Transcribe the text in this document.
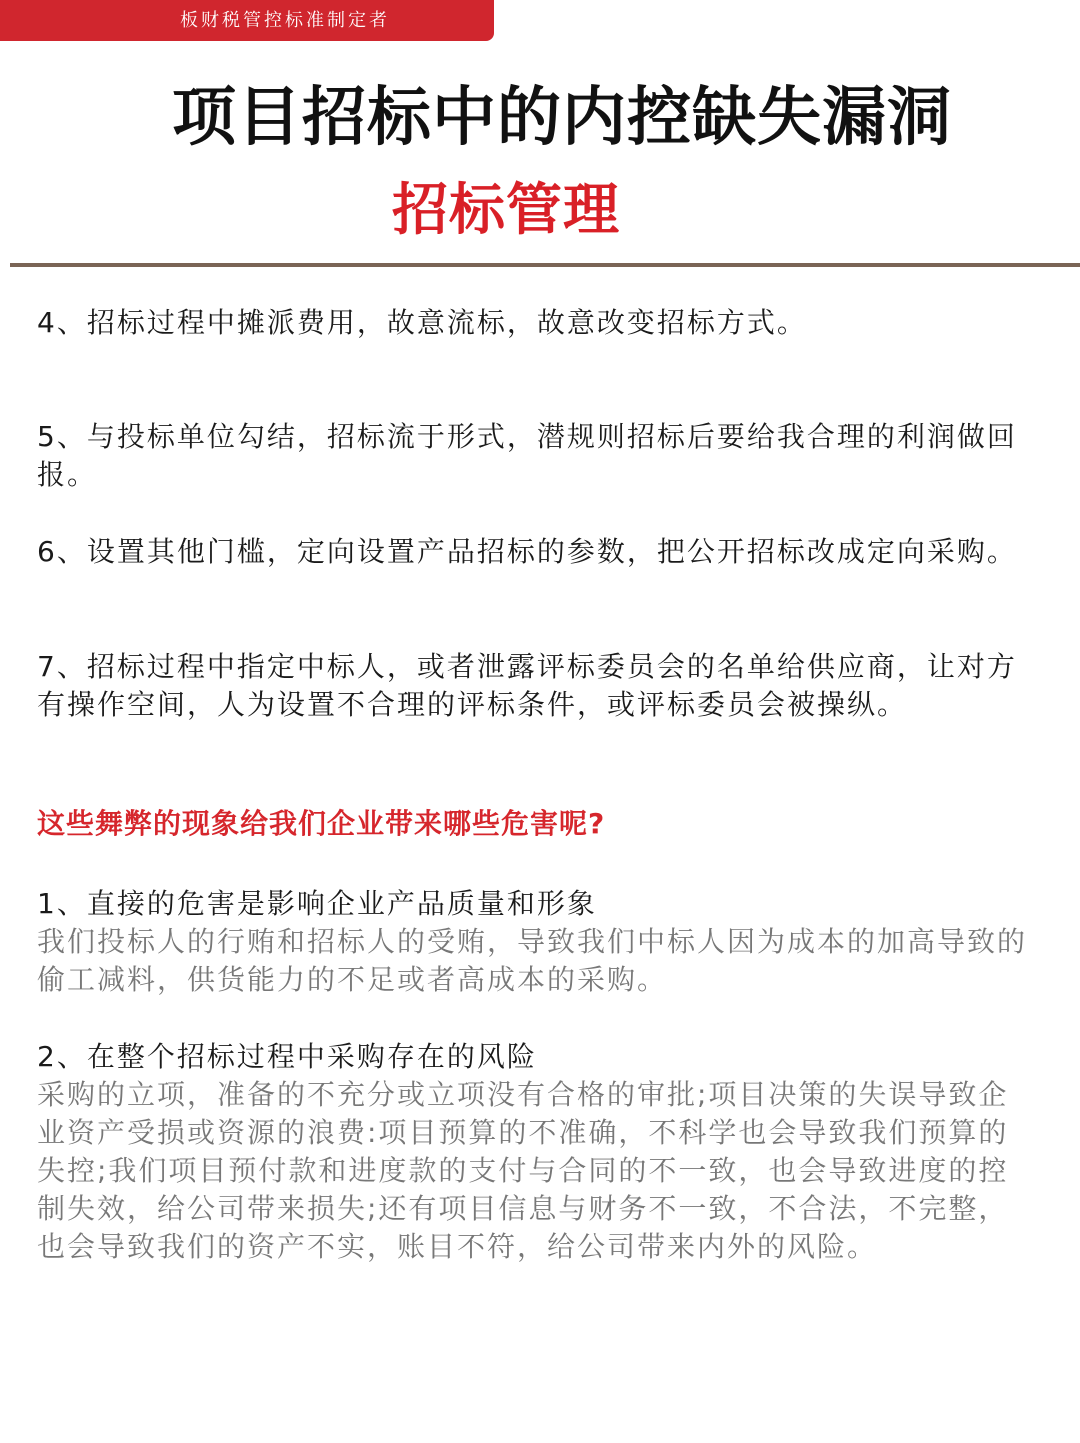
板财税管控标准制定者
项目招标中的内控缺失漏洞
招标管理

4、招标过程中摊派费用，故意流标，故意改变招标方式。

5、与投标单位勾结，招标流于形式，潜规则招标后要给我合理的利润做回报。

6、设置其他门槛，定向设置产品招标的参数，把公开招标改成定向采购。

7、招标过程中指定中标人，或者泄露评标委员会的名单给供应商，让对方有操作空间，人为设置不合理的评标条件，或评标委员会被操纵。

这些舞弊的现象给我们企业带来哪些危害呢?

1、直接的危害是影响企业产品质量和形象

我们投标人的行贿和招标人的受贿，导致我们中标人因为成本的加高导致的偷工减料，供货能力的不足或者高成本的采购。

2、在整个招标过程中采购存在的风险

采购的立项，准备的不充分或立项没有合格的审批;项目决策的失误导致企业资产受损或资源的浪费:项目预算的不准确，不科学也会导致我们预算的失控;我们项目预付款和进度款的支付与合同的不一致，也会导致进度的控制失效，给公司带来损失;还有项目信息与财务不一致，不合法，不完整，也会导致我们的资产不实，账目不符，给公司带来内外的风险。
